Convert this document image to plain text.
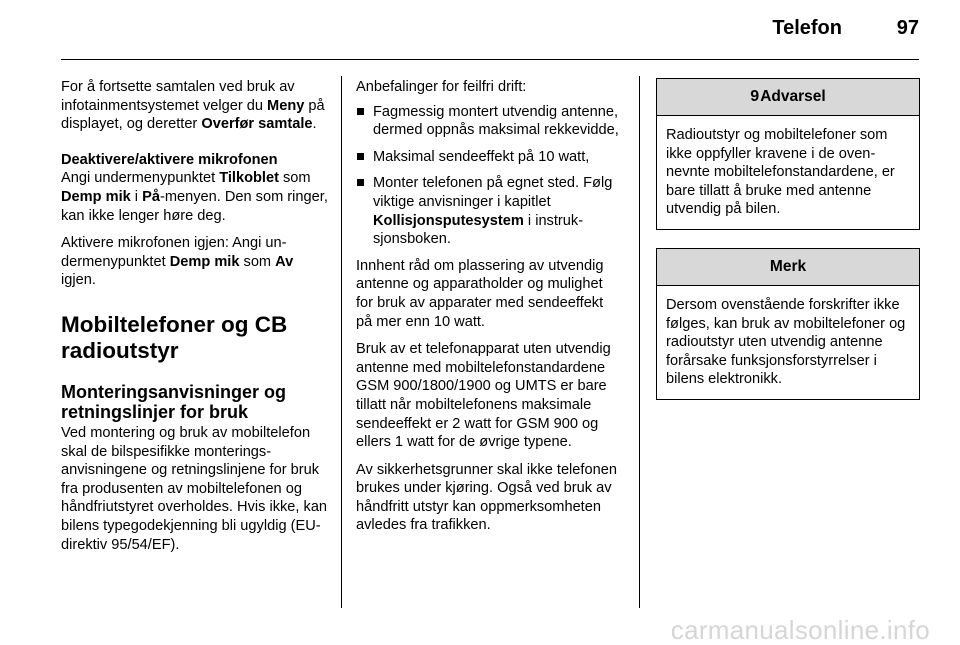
Telefon	97

For å fortsette samtalen ved bruk av infotainmentsystemet velger du Meny på displayet, og deretter Overfør samtale.

Deaktivere/aktivere mikrofonen

Angi undermenypunktet Tilkoblet som Demp mik i På-menyen. Den som ringer, kan ikke lenger høre deg.

Aktivere mikrofonen igjen: Angi undermenypunktet Demp mik som Av igjen.

Mobiltelefoner og CB radioutstyr
Monteringsanvisninger og retningslinjer for bruk

Ved montering og bruk av mobiltelefon skal de bilspesifikke monteringsanvisningene og retningslinjene for bruk fra produsenten av mobiltelefonen og håndfriutstyret overholdes. Hvis ikke, kan bilens typegodekjenning bli ugyldig (EU-direktiv 95/54/EF).

Anbefalinger for feilfri drift:

Fagmessig montert utvendig antenne, dermed oppnås maksimal rekkevidde,
Maksimal sendeeffekt på 10 watt,
Monter telefonen på egnet sted. Følg viktige anvisninger i kapitlet Kollisjonsputesystem i instruksjonsboken.

Innhent råd om plassering av utvendig antenne og apparatholder og mulighet for bruk av apparater med sendeeffekt på mer enn 10 watt.

Bruk av et telefonapparat uten utvendig antenne med mobiltelefonstandardene GSM 900/1800/1900 og UMTS er bare tillatt når mobiltelefonens maksimale sendeeffekt er 2 watt for GSM 900 og ellers 1 watt for de øvrige typene.

Av sikkerhetsgrunner skal ikke telefonen brukes under kjøring. Også ved bruk av håndfritt utstyr kan oppmerksomheten avledes fra trafikken.

9Advarsel
Radioutstyr og mobiltelefoner som ikke oppfyller kravene i de ovennevnte mobiltelefonstandardene, er bare tillatt å bruke med antenne utvendig på bilen.
Merk
Dersom ovenstående forskrifter ikke følges, kan bruk av mobiltelefoner og radioutstyr uten utvendig antenne forårsake funksjonsforstyrrelser i bilens elektronikk.
carmanualsonline.info
